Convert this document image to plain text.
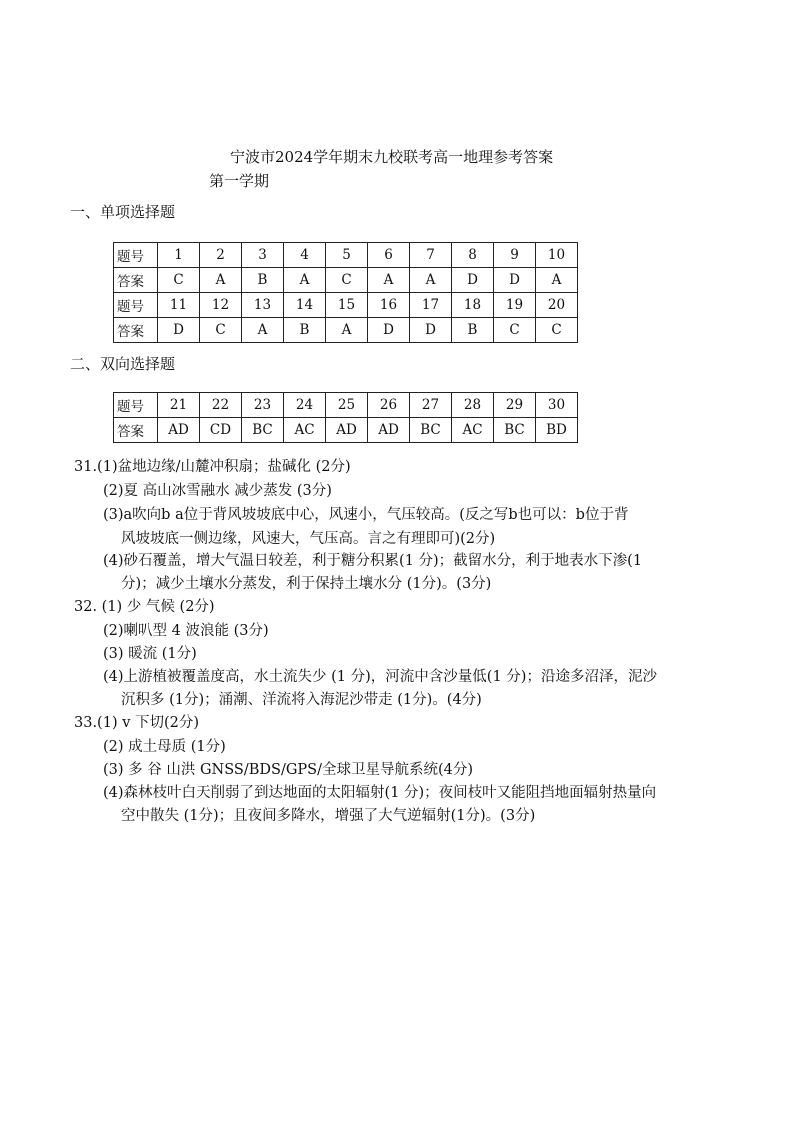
宁波市2024学年期末九校联考高一地理参考答案
第一学期
一、单项选择题
题号	1	2	3	4	5	6	7	8	9	10
答案	C	A	B	A	C	A	A	D	D	A
题号	11	12	13	14	15	16	17	18	19	20
答案	D	C	A	B	A	D	D	B	C	C
二、双向选择题
题号	21	22	23	24	25	26	27	28	29	30
答案	AD	CD	BC	AC	AD	AD	BC	AC	BC	BD
31.(1)盆地边缘/山麓冲积扇；盐碱化 (2分)
(2)夏 高山冰雪融水 减少蒸发 (3分)
(3)a吹向b a位于背风坡坡底中心，风速小，气压较高。(反之写b也可以：b位于背
风坡坡底一侧边缘，风速大，气压高。言之有理即可)(2分)
(4)砂石覆盖，增大气温日较差，利于糖分积累(1 分)；截留水分，利于地表水下渗(1
分)；减少土壤水分蒸发，利于保持土壤水分 (1分)。(3分)
32. (1) 少 气候 (2分)
(2)喇叭型 4 波浪能 (3分)
(3) 暖流 (1分)
(4)上游植被覆盖度高，水土流失少 (1 分)，河流中含沙量低(1 分)；沿途多沼泽，泥沙
沉积多 (1分)；涌潮、洋流将入海泥沙带走 (1分)。(4分)
33.(1) v 下切(2分)
(2) 成土母质 (1分)
(3) 多 谷 山洪 GNSS/BDS/GPS/全球卫星导航系统(4分)
(4)森林枝叶白天削弱了到达地面的太阳辐射(1 分)；夜间枝叶又能阻挡地面辐射热量向
空中散失 (1分)；且夜间多降水，增强了大气逆辐射(1分)。(3分)
